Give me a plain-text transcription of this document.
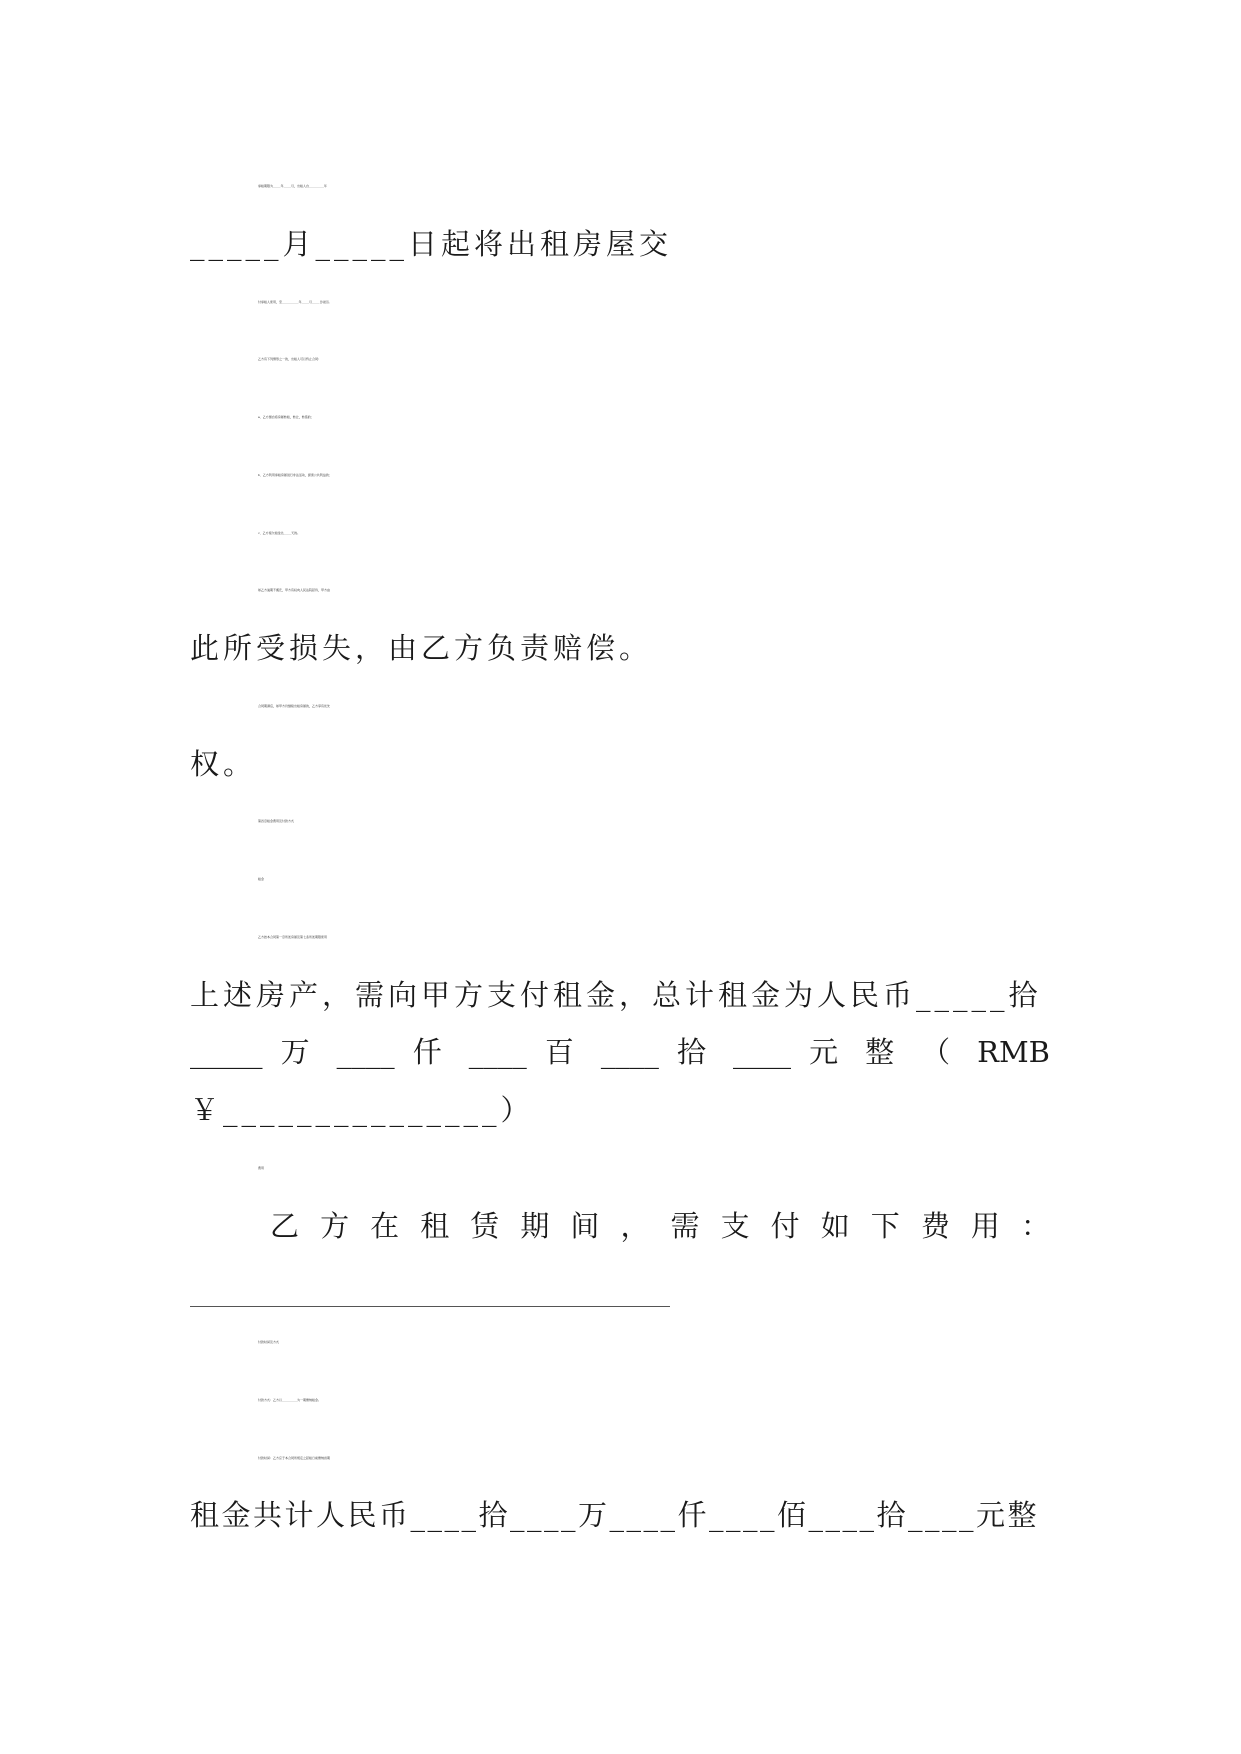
承租期限为_____年_____月，出租人自__________年
_____月_____日起将出租房屋交
付承租人使用，至___________年_____月_____日收回。
乙方有下列情形之一的，出租人可以终止合同：
a、乙方擅自将房屋转租，转让，转借的；
b、乙方利用承租房屋进行非法活动，损害公共利益的；
c、乙方拖欠租金达_____天的。
如乙方逾期不搬迁，甲方有权向人民法院起诉，甲方由
此所受损失，由乙方负责赔偿。
合同期满后，如甲方仍继续出租房屋的，乙方享有优先
权。
第四章租金费用及付款方式
租金
乙方按本合同第一章所述房屋及第七条所述期限使用
上述房产，需向甲方支付租金，总计租金为人民币_____拾
_____ 万 ____ 仟 ____ 百 ____ 拾 ____ 元 整 （ RMB
￥_______________）
费用
乙 方 在 租 赁 期 间 ， 需 支 付 如 下 费 用 ：
付款时间及方式
付款方式：乙方以__________为一期缴纳租金。
付款时间：乙方应于本合同所规定之起租日前缴纳首期
租金共计人民币____拾____万____仟____佰____拾____元整
